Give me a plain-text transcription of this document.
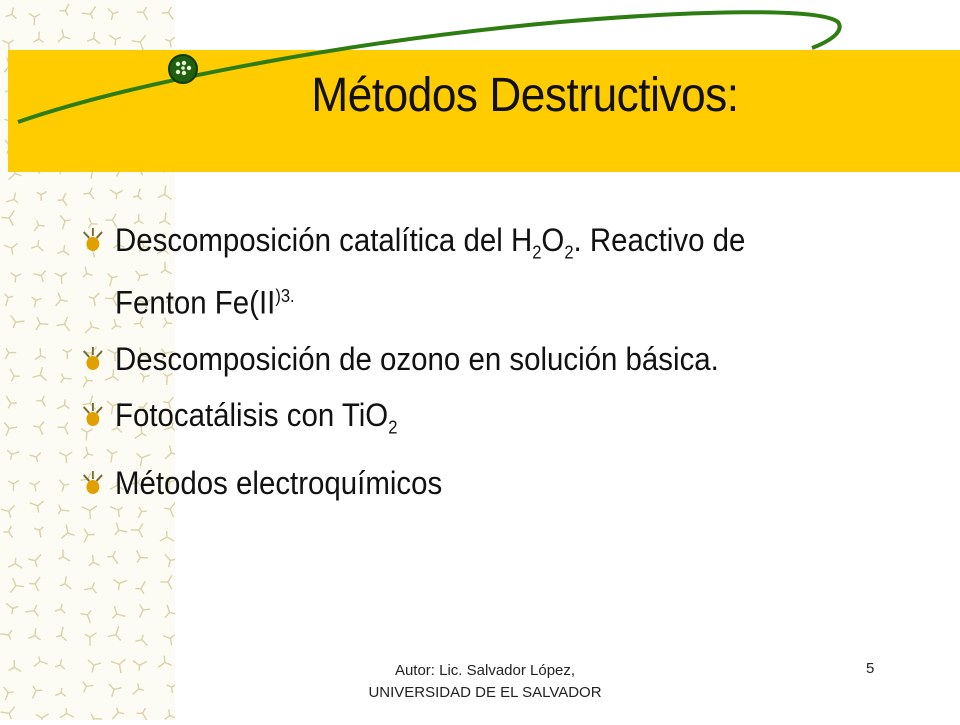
Métodos Destructivos:
Descomposición catalítica del $H_2O_2$. Reactivo de
Fenton $Fe(II^{)3.}$
Descomposición de ozono en solución básica.
Fotocatálisis con TiO$_2$
Métodos electroquímicos
Autor: Lic. Salvador López,
UNIVERSIDAD DE EL SALVADOR
5
